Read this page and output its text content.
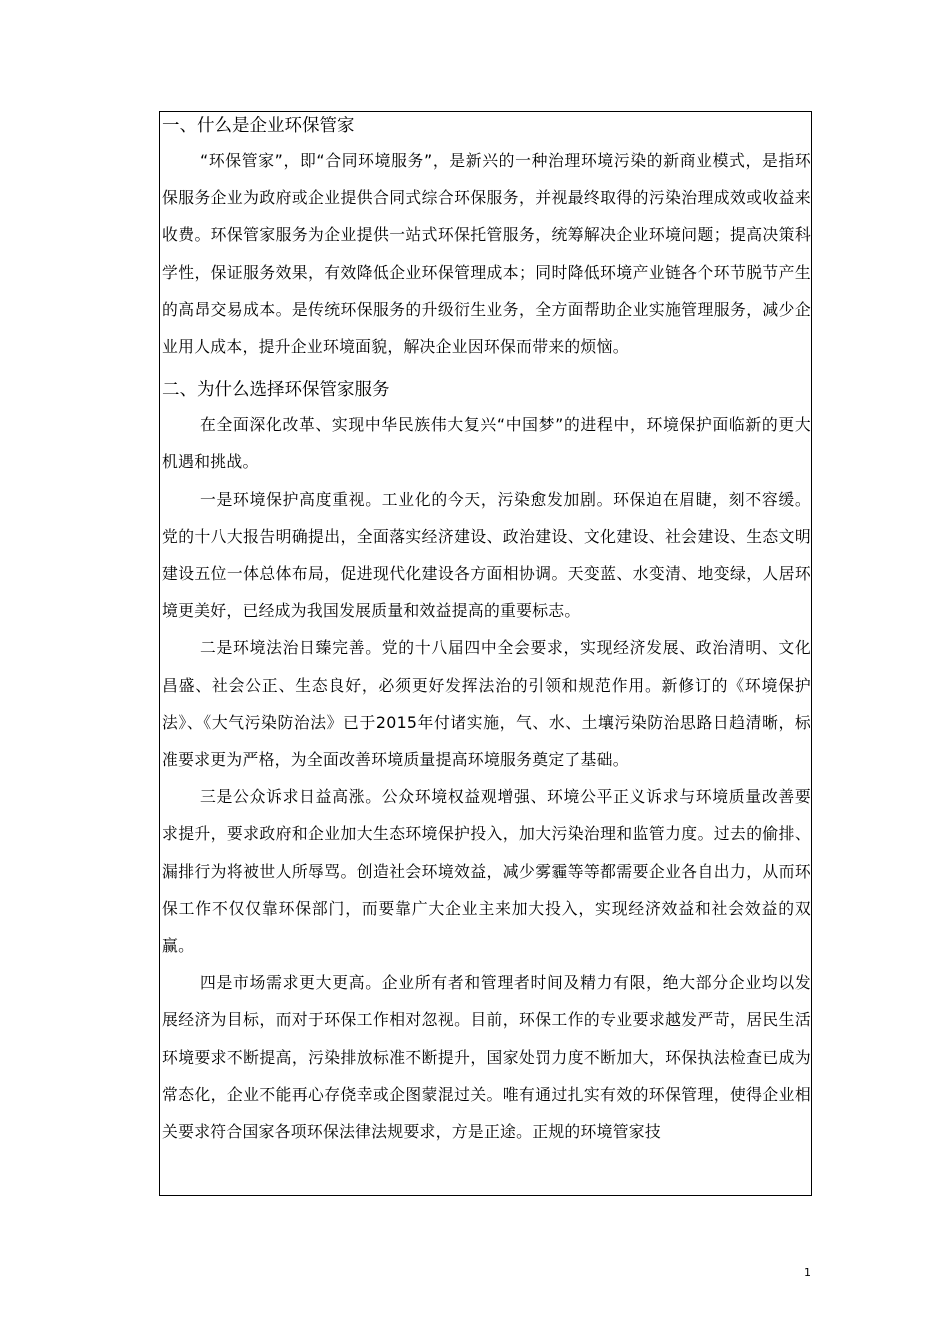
一、什么是企业环保管家

“环保管家”，即“合同环境服务”，是新兴的一种治理环境污染的新商业模式，是指环保服务企业为政府或企业提供合同式综合环保服务，并视最终取得的污染治理成效或收益来收费。环保管家服务为企业提供一站式环保托管服务，统筹解决企业环境问题；提高决策科学性，保证服务效果，有效降低企业环保管理成本；同时降低环境产业链各个环节脱节产生的高昂交易成本。是传统环保服务的升级衍生业务，全方面帮助企业实施管理服务，减少企业用人成本，提升企业环境面貌，解决企业因环保而带来的烦恼。

二、为什么选择环保管家服务

在全面深化改革、实现中华民族伟大复兴“中国梦”的进程中，环境保护面临新的更大机遇和挑战。

一是环境保护高度重视。工业化的今天，污染愈发加剧。环保迫在眉睫，刻不容缓。党的十八大报告明确提出，全面落实经济建设、政治建设、文化建设、社会建设、生态文明建设五位一体总体布局，促进现代化建设各方面相协调。天变蓝、水变清、地变绿，人居环境更美好，已经成为我国发展质量和效益提高的重要标志。

二是环境法治日臻完善。党的十八届四中全会要求，实现经济发展、政治清明、文化昌盛、社会公正、生态良好，必须更好发挥法治的引领和规范作用。新修订的《环境保护法》、《大气污染防治法》已于2015年付诸实施，气、水、土壤污染防治思路日趋清晰，标准要求更为严格，为全面改善环境质量提高环境服务奠定了基础。

三是公众诉求日益高涨。公众环境权益观增强、环境公平正义诉求与环境质量改善要求提升，要求政府和企业加大生态环境保护投入，加大污染治理和监管力度。过去的偷排、漏排行为将被世人所辱骂。创造社会环境效益，减少雾霾等等都需要企业各自出力，从而环保工作不仅仅靠环保部门，而要靠广大企业主来加大投入，实现经济效益和社会效益的双赢。

四是市场需求更大更高。企业所有者和管理者时间及精力有限，绝大部分企业均以发展经济为目标，而对于环保工作相对忽视。目前，环保工作的专业要求越发严苛，居民生活环境要求不断提高，污染排放标准不断提升，国家处罚力度不断加大，环保执法检查已成为常态化，企业不能再心存侥幸或企图蒙混过关。唯有通过扎实有效的环保管理，使得企业相关要求符合国家各项环保法律法规要求，方是正途。正规的环境管家技

1
